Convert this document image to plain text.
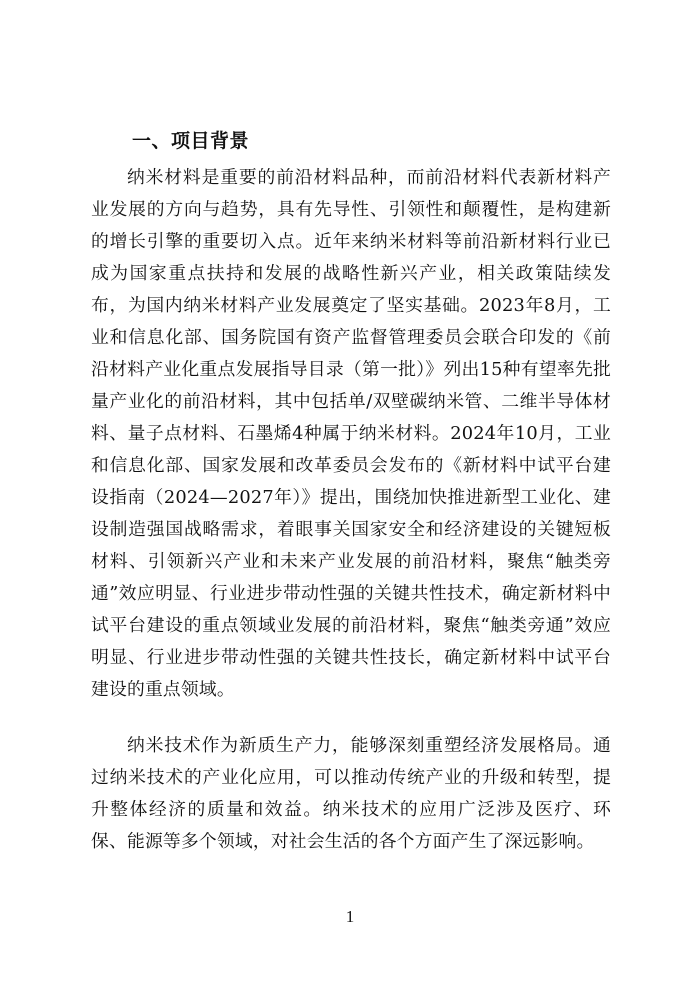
一、项目背景

纳米材料是重要的前沿材料品种，而前沿材料代表新材料产业发展的方向与趋势，具有先导性、引领性和颠覆性，是构建新的增长引擎的重要切入点。近年来纳米材料等前沿新材料行业已成为国家重点扶持和发展的战略性新兴产业，相关政策陆续发布，为国内纳米材料产业发展奠定了坚实基础。2023年8月，工业和信息化部、国务院国有资产监督管理委员会联合印发的《前沿材料产业化重点发展指导目录（第一批）》列出15种有望率先批量产业化的前沿材料，其中包括单/双壁碳纳米管、二维半导体材料、量子点材料、石墨烯4种属于纳米材料。2024年10月，工业和信息化部、国家发展和改革委员会发布的《新材料中试平台建设指南（2024—2027年）》提出，围绕加快推进新型工业化、建设制造强国战略需求，着眼事关国家安全和经济建设的关键短板材料、引领新兴产业和未来产业发展的前沿材料，聚焦“触类旁通”效应明显、行业进步带动性强的关键共性技术，确定新材料中试平台建设的重点领域业发展的前沿材料，聚焦“触类旁通”效应明显、行业进步带动性强的关键共性技长，确定新材料中试平台建设的重点领域。

纳米技术作为新质生产力，能够深刻重塑经济发展格局。通过纳米技术的产业化应用，可以推动传统产业的升级和转型，提升整体经济的质量和效益。纳米技术的应用广泛涉及医疗、环保、能源等多个领域，对社会生活的各个方面产生了深远影响。

1
